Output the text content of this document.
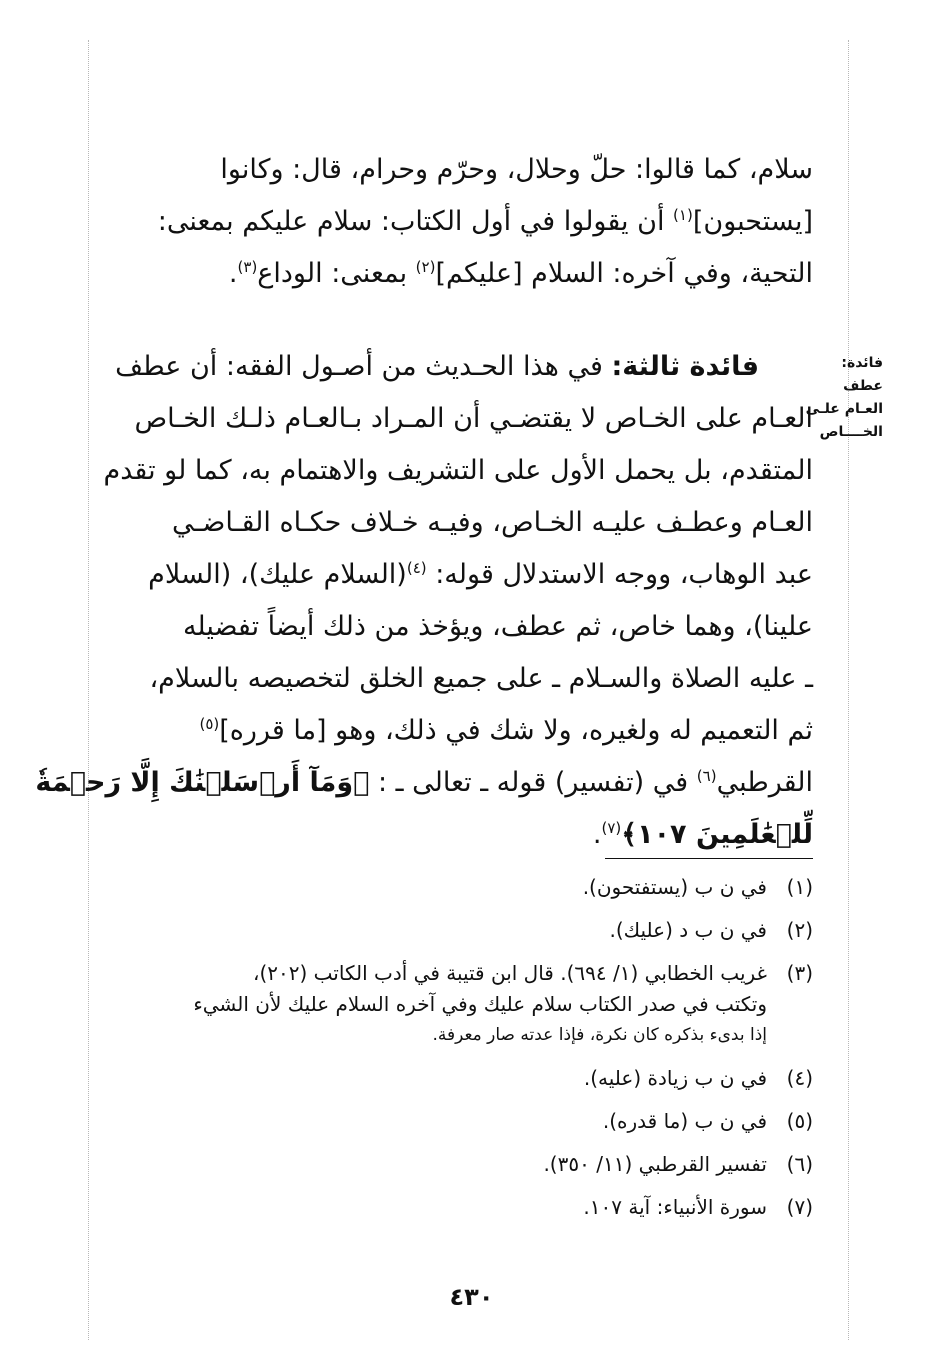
سلام، كما قالوا: حلّ وحلال، وحرّم وحرام، قال: وكانوا
[يستحبون]$^{(١)}$ أن يقولوا في أول الكتاب: سلام عليكم بمعنى:
التحية، وفي آخره: السلام [عليكم]$^{(٢)}$ بمعنى: الوداع$^{(٣)}$.
فائدة: عطف
العـام علـى
الخــــاص
  فائدة ثالثة: في هذا الحـديث من أصـول الفقه: أن عطف
العـام على الخـاص لا يقتضـي أن المـراد بـالعـام ذلـك الخـاص
المتقدم، بل يحمل الأول على التشريف والاهتمام به، كما لو تقدم
العـام وعطـف عليـه الخـاص، وفيـه خـلاف حكـاه القـاضـي
عبد الوهاب، ووجه الاستدلال قوله: $^{(٤)}$(السلام عليك)، (السلام
علينا)، وهما خاص، ثم عطف، ويؤخذ من ذلك أيضاً تفضيله
ـ عليه الصلاة والسـلام ـ على جميع الخلق لتخصيصه بالسلام،
ثم التعميم له ولغيره، ولا شك في ذلك، وهو [ما قرره]$^{(٥)}$
القرطبي$^{(٦)}$ في (تفسير) قوله ـ تعالى ـ : ﴿وَمَآ أَرۡسَلۡنَٰكَ إِلَّا رَحۡمَةٗ
لِّلۡعَٰلَمِينَ ١٠٧﴾$^{(٧)}$.
(١)
في ن ب (يستفتحون).
(٢)
في ن ب د (عليك).
(٣)
غريب الخطابي (١/ ٦٩٤). قال ابن قتيبة في أدب الكاتب (٢٠٢)،
وتكتب في صدر الكتاب سلام عليك وفي آخره السلام عليك لأن الشيء
إذا بدىء بذكره كان نكرة، فإذا عدته صار معرفة.
(٤)
في ن ب زيادة (عليه).
(٥)
في ن ب (ما قدره).
(٦)
تفسير القرطبي (١١/ ٣٥٠).
(٧)
سورة الأنبياء: آية ١٠٧.
٤٣٠
